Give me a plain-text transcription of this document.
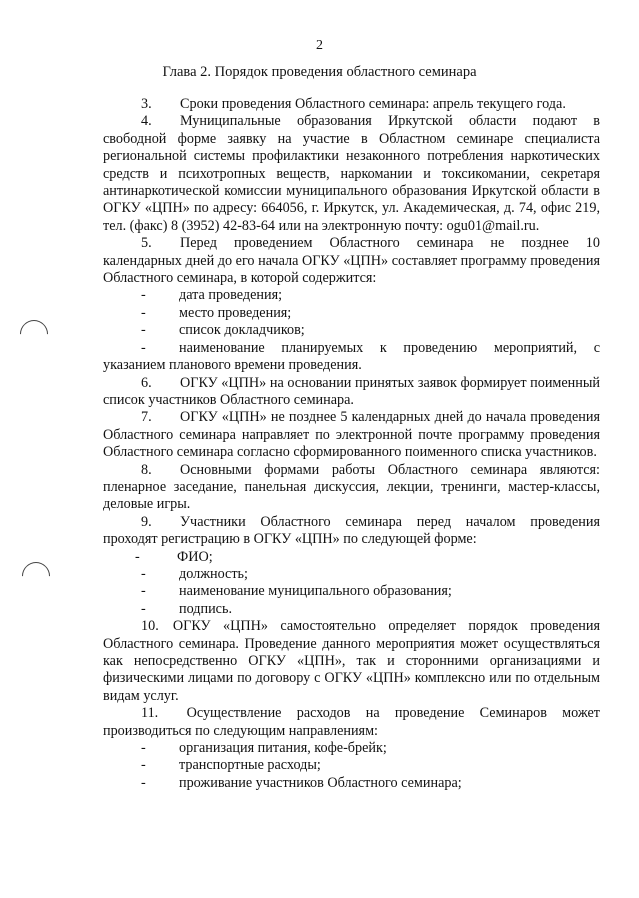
2
Глава 2. Порядок проведения областного семинара

3.  Сроки проведения Областного семинара: апрель текущего года.

4.  Муниципальные образования Иркутской области подают в свободной форме заявку на участие в Областном семинаре специалиста региональной системы профилактики незаконного потребления наркотических средств и психотропных веществ, наркомании и токсикомании, секретаря антинаркотической комиссии муниципального образования Иркутской области в ОГКУ «ЦПН» по адресу: 664056, г. Иркутск, ул. Академическая, д. 74, офис 219, тел. (факс) 8 (3952) 42-83-64 или на электронную почту: ogu01@mail.ru.

5.  Перед проведением Областного семинара не позднее 10 календарных дней до его начала ОГКУ «ЦПН» составляет программу проведения Областного семинара, в которой содержится:

- дата проведения;

- место проведения;

- список докладчиков;

- наименование планируемых к проведению мероприятий, с указанием планового времени проведения.

6.  ОГКУ «ЦПН» на основании принятых заявок формирует поименный список участников Областного семинара.

7.  ОГКУ «ЦПН» не позднее 5 календарных дней до начала проведения Областного семинара направляет по электронной почте программу проведения Областного семинара согласно сформированного поименного списка участников.

8.  Основными формами работы Областного семинара являются: пленарное заседание, панельная дискуссия, лекции, тренинги, мастер-классы, деловые игры.

9.  Участники Областного семинара перед началом проведения проходят регистрацию в ОГКУ «ЦПН» по следующей форме:

-	ФИО;

- должность;

- наименование муниципального образования;

- подпись.

10. ОГКУ «ЦПН» самостоятельно определяет порядок проведения Областного семинара. Проведение данного мероприятия может осуществляться как непосредственно ОГКУ «ЦПН», так и сторонними организациями и физическими лицами по договору с ОГКУ «ЦПН» комплексно или по отдельным видам услуг.

11.  Осуществление расходов на проведение Семинаров может производиться по следующим направлениям:

- организация питания, кофе-брейк;

- транспортные расходы;

- проживание участников Областного семинара;
